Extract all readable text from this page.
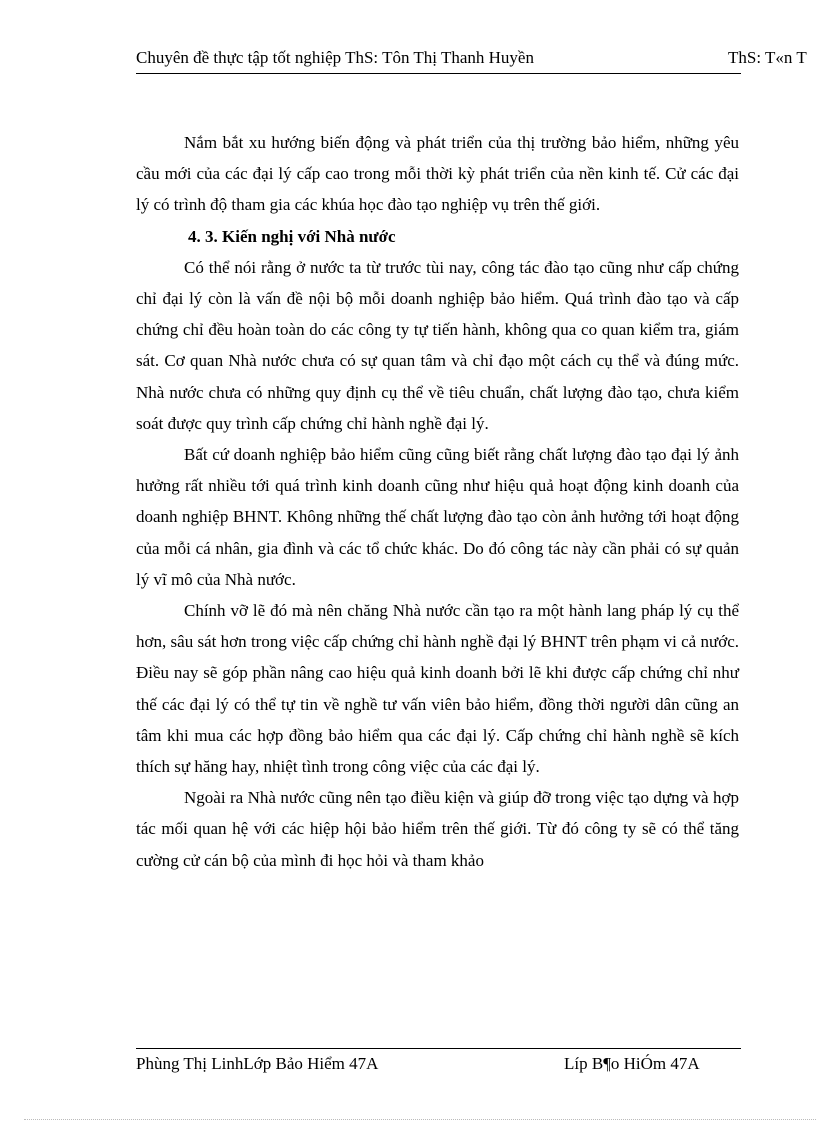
Chuyên đề thực tập tốt nghiệp ThS: Tôn Thị Thanh Huyền	ThS: T«n T

Nắm bắt xu hướng biến động và phát triển của thị trường bảo hiểm, những yêu cầu mới của các đại lý cấp cao trong mỗi thời kỳ phát triển của nền kinh tế. Cử các đại lý có trình độ tham gia các khúa học đào tạo nghiệp vụ trên thế giới.

4. 3. Kiến nghị với Nhà nước

Có thể nói rằng ở nước ta từ trước tùi nay, công tác đào tạo cũng như cấp chứng chỉ đại lý còn là vấn đề nội bộ mỗi doanh nghiệp bảo hiểm. Quá trình đào tạo và cấp chứng chỉ đều hoàn toàn do các công ty tự tiến hành, không qua co quan kiểm tra, giám sát. Cơ quan Nhà nước chưa có sự quan tâm và chỉ đạo một cách cụ thể và đúng mức. Nhà nước chưa có những quy định cụ thể về tiêu chuẩn, chất lượng đào tạo, chưa kiểm soát được quy trình cấp chứng chỉ hành nghề đại lý.

Bất cứ doanh nghiệp bảo hiểm cũng cũng biết rằng chất lượng đào tạo đại lý ảnh hưởng rất nhiều tới quá trình kinh doanh cũng như hiệu quả hoạt động kinh doanh của doanh nghiệp BHNT. Không những thế chất lượng đào tạo còn ảnh hưởng tới hoạt động của mỗi cá nhân, gia đình và các tổ chức khác. Do đó công tác này cần phải có sự quản lý vĩ mô của Nhà nước.

Chính vỡ lẽ đó mà nên chăng Nhà nước cần tạo ra một hành lang pháp lý cụ thể hơn, sâu sát hơn trong việc cấp chứng chỉ hành nghề đại lý BHNT trên phạm vi cả nước. Điều nay sẽ góp phần nâng cao hiệu quả kinh doanh bởi lẽ khi được cấp chứng chỉ như thế các đại lý có thể tự tin về nghề tư vấn viên bảo hiểm, đồng thời người dân cũng an tâm khi mua các hợp đồng bảo hiểm qua các đại lý. Cấp chứng chỉ hành nghề sẽ kích thích sự hăng hay, nhiệt tình trong công việc của các đại lý.

Ngoài ra Nhà nước cũng nên tạo điều kiện và giúp đỡ trong việc tạo dựng và hợp tác mối quan hệ với các hiệp hội bảo hiểm trên thế giới. Từ đó công ty sẽ có thể tăng cường cử cán bộ của mình đi học hỏi và tham khảo

Phùng Thị LinhLớp Bảo Hiểm 47A	Líp B¶o HiÓm 47A
